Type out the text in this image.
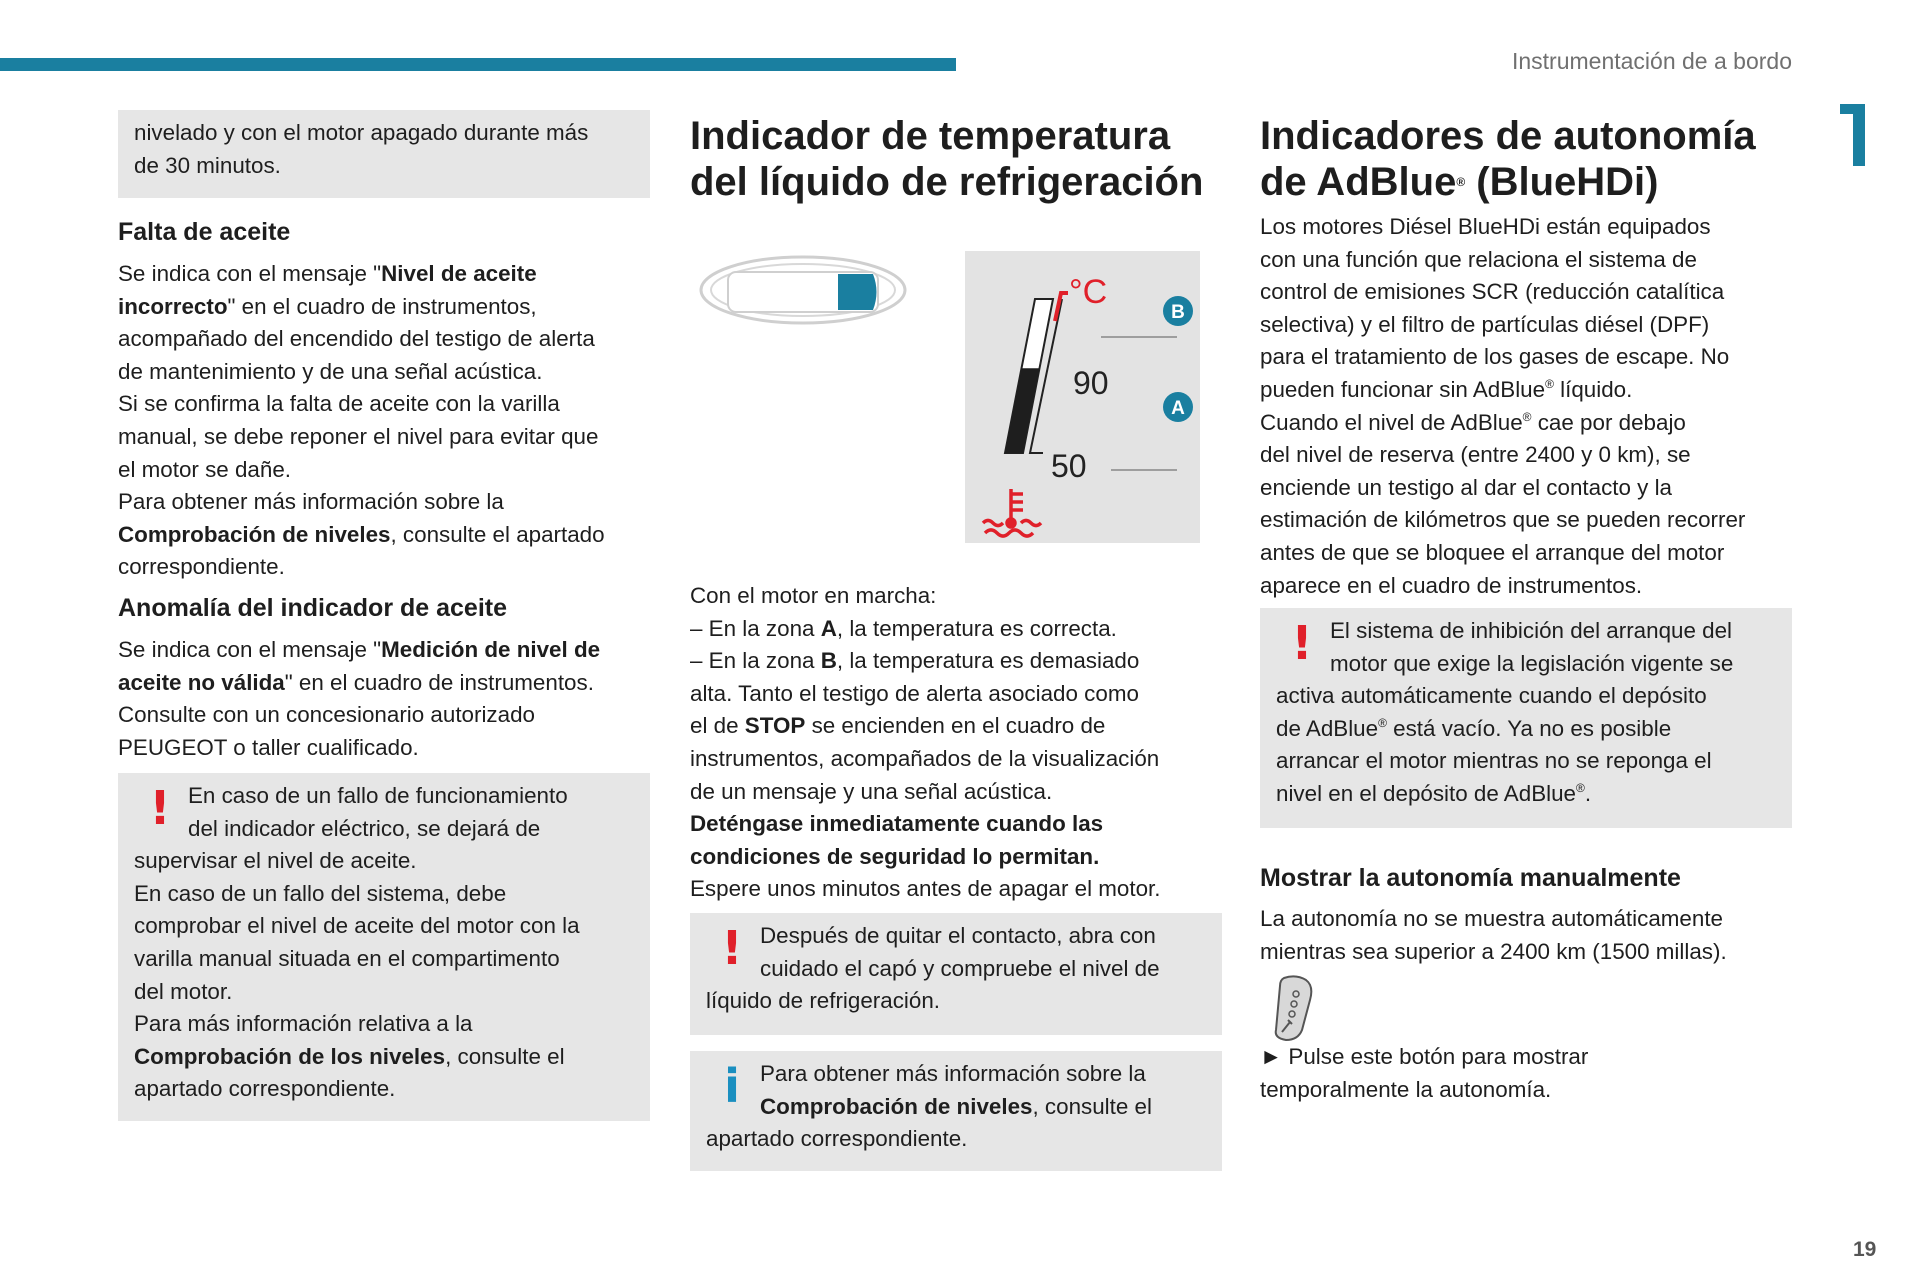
Instrumentación de a bordo
19
nivelado y con el motor apagado durante más
de 30 minutos.
Falta de aceite
Se indica con el mensaje "Nivel de aceite
incorrecto" en el cuadro de instrumentos,
acompañado del encendido del testigo de alerta
de mantenimiento y de una señal acústica.
Si se confirma la falta de aceite con la varilla
manual, se debe reponer el nivel para evitar que
el motor se dañe.
Para obtener más información sobre la
Comprobación de niveles, consulte el apartado
correspondiente.
Anomalía del indicador de aceite
Se indica con el mensaje "Medición de nivel de
aceite no válida" en el cuadro de instrumentos.
Consulte con un concesionario autorizado
PEUGEOT o taller cualificado.
! En caso de un fallo de funcionamiento
del indicador eléctrico, se dejará de
supervisar el nivel de aceite.
En caso de un fallo del sistema, debe
comprobar el nivel de aceite del motor con la
varilla manual situada en el compartimento
del motor.
Para más información relativa a la
Comprobación de los niveles, consulte el
apartado correspondiente.
Indicador de temperatura
del líquido de refrigeración
°C
90
50
B
A
Con el motor en marcha:
– En la zona A, la temperatura es correcta.
– En la zona B, la temperatura es demasiado
alta. Tanto el testigo de alerta asociado como
el de STOP se encienden en el cuadro de
instrumentos, acompañados de la visualización
de un mensaje y una señal acústica.
Deténgase inmediatamente cuando las
condiciones de seguridad lo permitan.
Espere unos minutos antes de apagar el motor.
! Después de quitar el contacto, abra con
cuidado el capó y compruebe el nivel de
líquido de refrigeración.
i Para obtener más información sobre la
Comprobación de niveles, consulte el
apartado correspondiente.
Indicadores de autonomía
de AdBlue® (BlueHDi)
Los motores Diésel BlueHDi están equipados
con una función que relaciona el sistema de
control de emisiones SCR (reducción catalítica
selectiva) y el filtro de partículas diésel (DPF)
para el tratamiento de los gases de escape. No
pueden funcionar sin AdBlue® líquido.
Cuando el nivel de AdBlue® cae por debajo
del nivel de reserva (entre 2400 y 0 km), se
enciende un testigo al dar el contacto y la
estimación de kilómetros que se pueden recorrer
antes de que se bloquee el arranque del motor
aparece en el cuadro de instrumentos.
! El sistema de inhibición del arranque del
motor que exige la legislación vigente se
activa automáticamente cuando el depósito
de AdBlue® está vacío. Ya no es posible
arrancar el motor mientras no se reponga el
nivel en el depósito de AdBlue®.
Mostrar la autonomía manualmente
La autonomía no se muestra automáticamente
mientras sea superior a 2400 km (1500 millas).
► Pulse este botón para mostrar
temporalmente la autonomía.
